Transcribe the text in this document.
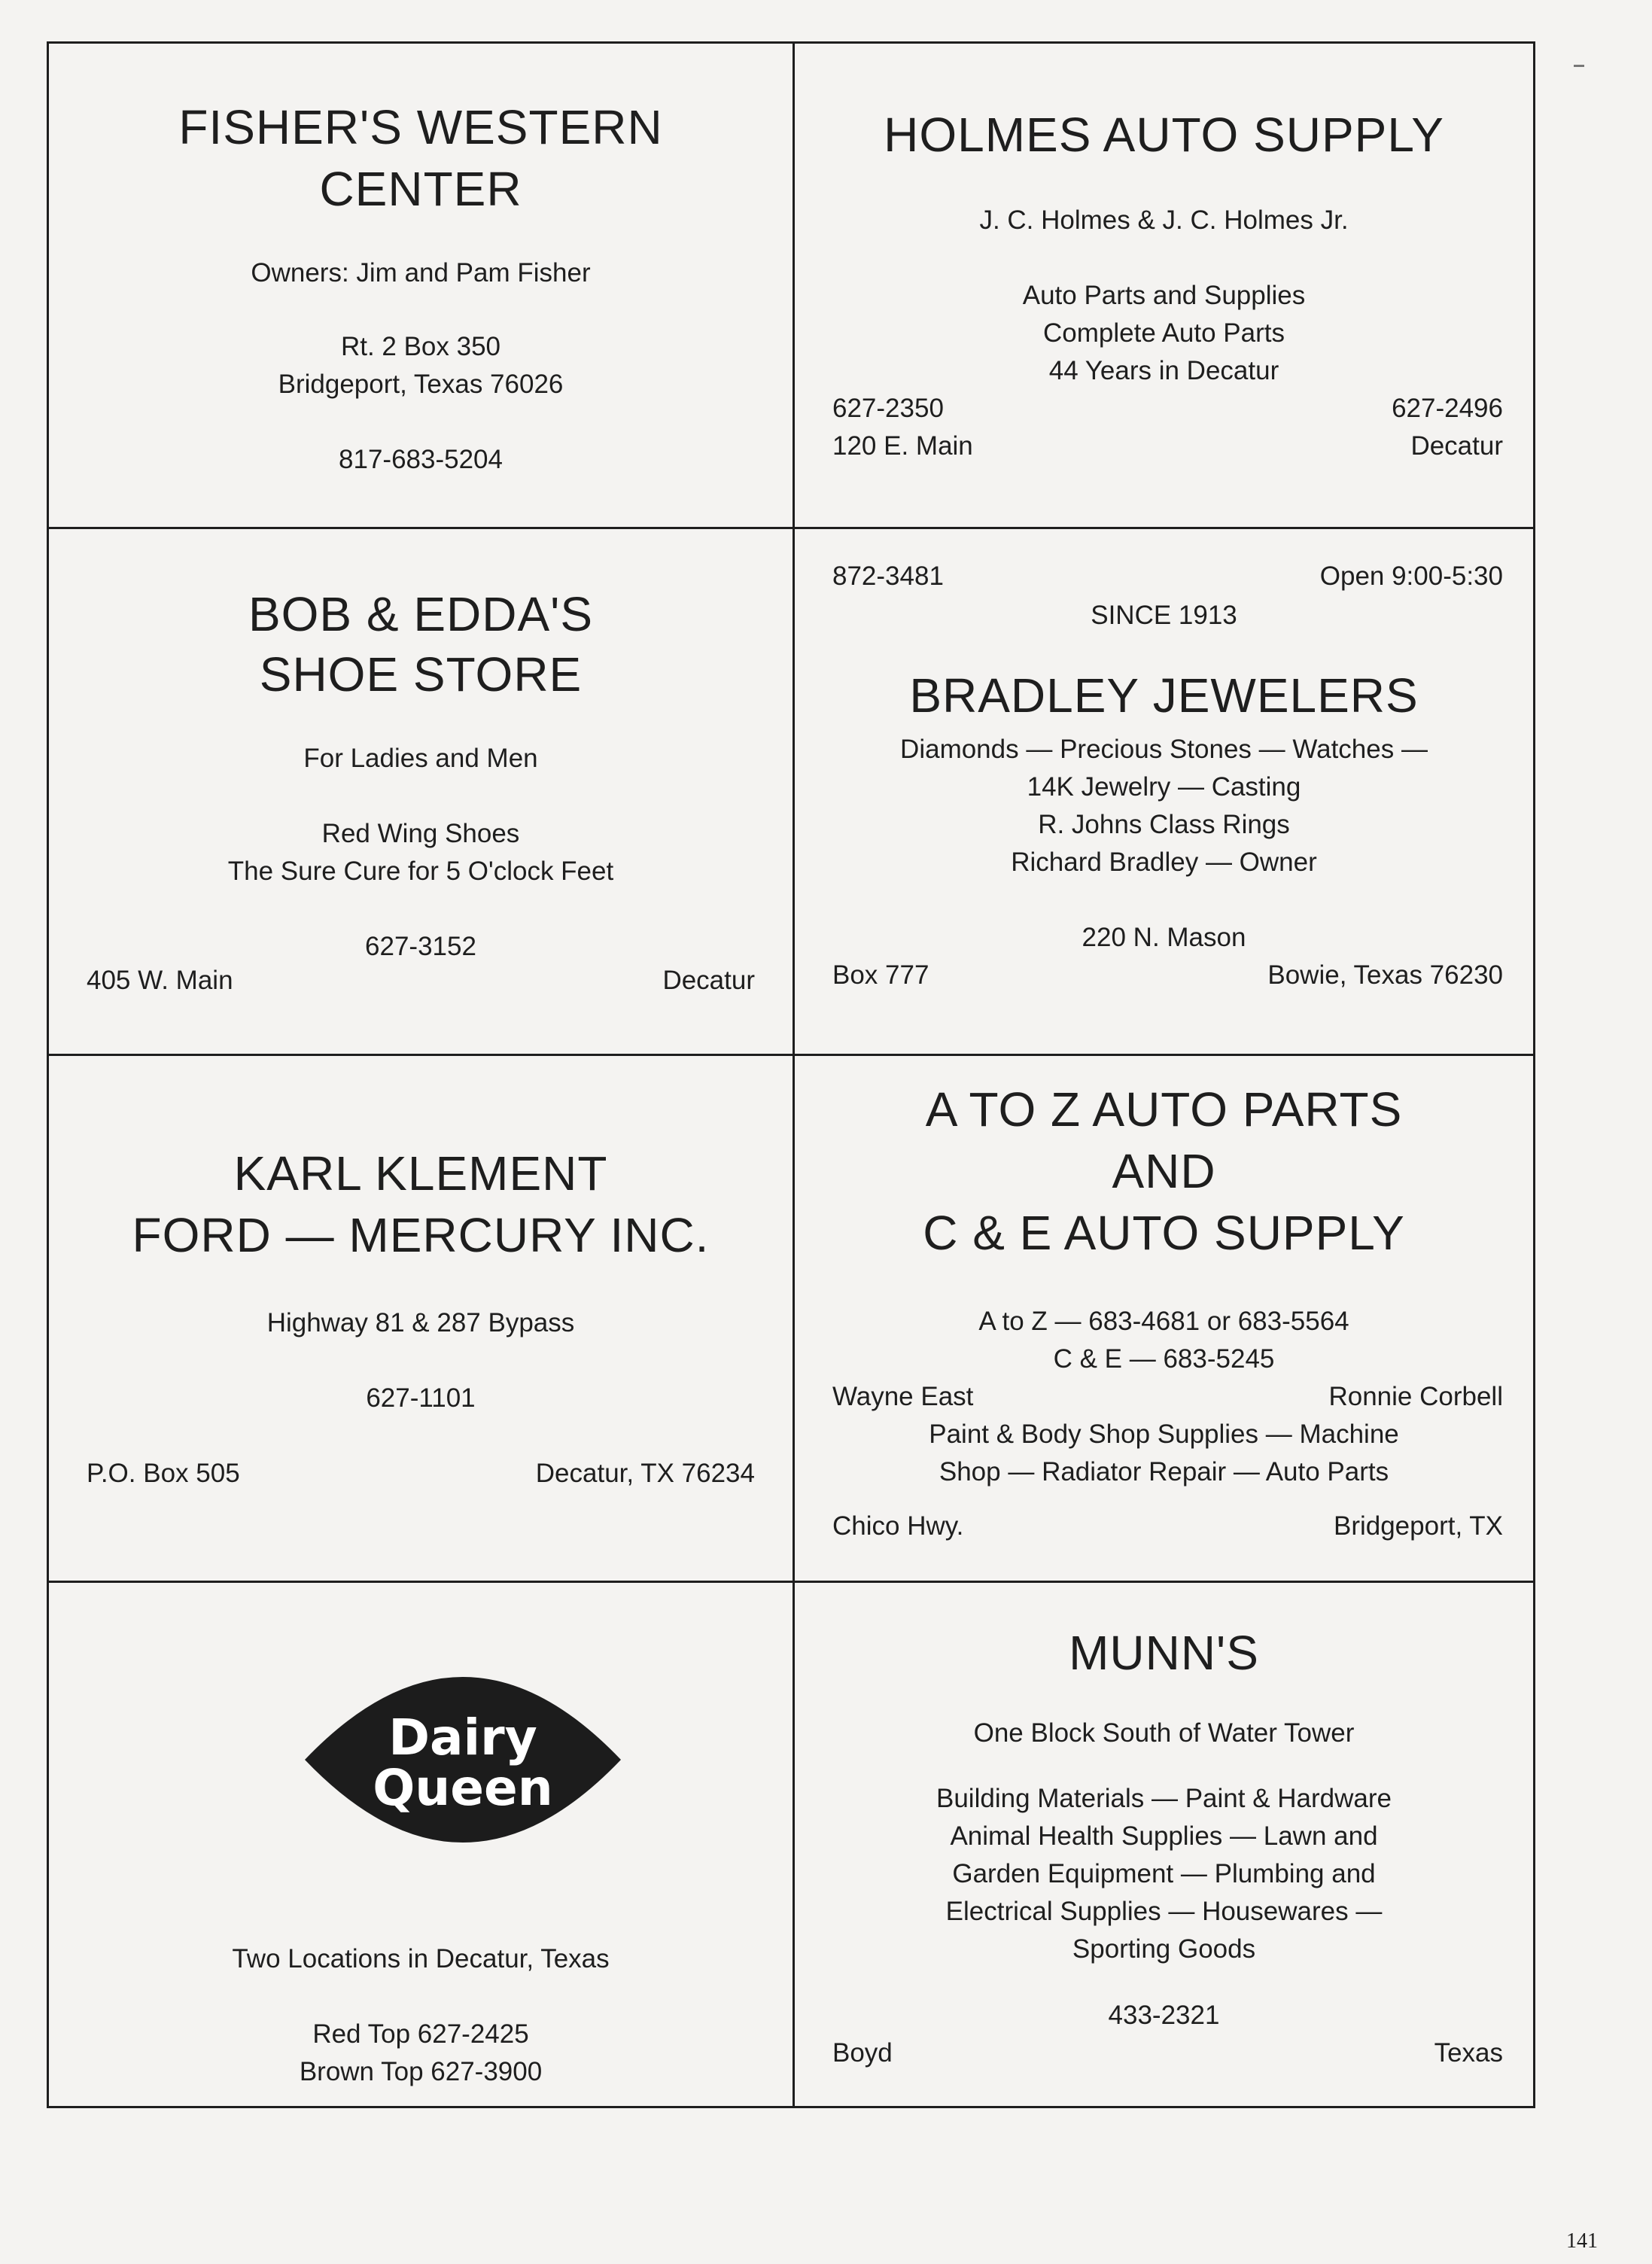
FISHER'S WESTERN
CENTER
Owners: Jim and Pam Fisher
Rt. 2 Box 350
Bridgeport, Texas 76026
817-683-5204
HOLMES AUTO SUPPLY
J. C. Holmes & J. C. Holmes Jr.
Auto Parts and Supplies
Complete Auto Parts
44 Years in Decatur
627-2350	627-2496
120 E. Main	Decatur
BOB & EDDA'S
SHOE STORE
For Ladies and Men
Red Wing Shoes
The Sure Cure for 5 O'clock Feet
627-3152
405 W. Main	Decatur
872-3481	Open 9:00-5:30
SINCE 1913
BRADLEY JEWELERS
Diamonds — Precious Stones — Watches —
14K Jewelry — Casting
R. Johns Class Rings
Richard Bradley — Owner
220 N. Mason
Box 777	Bowie, Texas 76230
KARL KLEMENT
FORD — MERCURY INC.
Highway 81 & 287 Bypass
627-1101
P.O. Box 505	Decatur, TX 76234
A TO Z AUTO PARTS
AND
C & E AUTO SUPPLY
A to Z — 683-4681 or 683-5564
C & E — 683-5245
Wayne East	Ronnie Corbell
Paint & Body Shop Supplies — Machine
Shop — Radiator Repair — Auto Parts
Chico Hwy.	Bridgeport, TX
Dairy
Queen
Two Locations in Decatur, Texas
Red Top 627-2425
Brown Top 627-3900
MUNN'S
One Block South of Water Tower
Building Materials — Paint & Hardware
Animal Health Supplies — Lawn and
Garden Equipment — Plumbing and
Electrical Supplies — Housewares —
Sporting Goods
433-2321
Boyd	Texas
141
